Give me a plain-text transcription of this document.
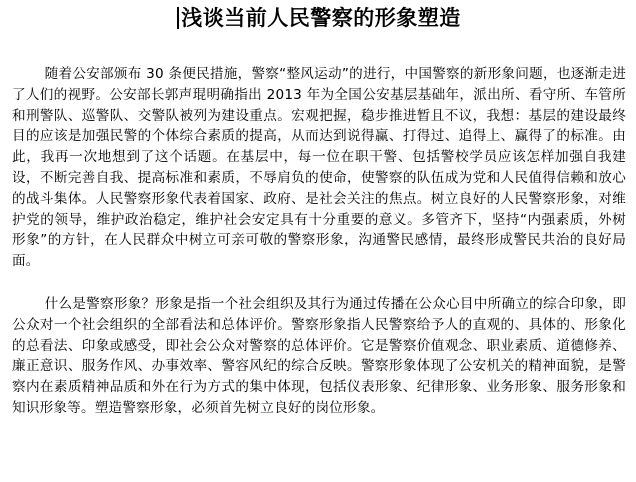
浅谈当前人民警察的形象塑造

随着公安部颁布 30 条便民措施，警察“整风运动”的进行，中国警察的新形象问题，也逐渐走进了人们的视野。公安部长郭声琨明确指出 2013 年为全国公安基层基础年，派出所、看守所、车管所和刑警队、巡警队、交警队被列为建设重点。宏观把握，稳步推进暂且不议，我想：基层的建设最终目的应该是加强民警的个体综合素质的提高，从而达到说得赢、打得过、追得上、赢得了的标准。由此，我再一次地想到了这个话题。在基层中，每一位在职干警、包括警校学员应该怎样加强自我建设，不断完善自我、提高标准和素质，不辱肩负的使命，使警察的队伍成为党和人民值得信赖和放心的战斗集体。人民警察形象代表着国家、政府、是社会关注的焦点。树立良好的人民警察形象，对维护党的领导，维护政治稳定，维护社会安定具有十分重要的意义。多管齐下，坚持“内强素质，外树形象”的方针，在人民群众中树立可亲可敬的警察形象，沟通警民感情，最终形成警民共治的良好局面。

什么是警察形象？形象是指一个社会组织及其行为通过传播在公众心目中所确立的综合印象，即公众对一个社会组织的全部看法和总体评价。警察形象指人民警察给予人的直观的、具体的、形象化的总看法、印象或感受，即社会公众对警察的总体评价。它是警察价值观念、职业素质、道德修养、廉正意识、服务作风、办事效率、警容风纪的综合反映。警察形象体现了公安机关的精神面貌，是警察内在素质精神品质和外在行为方式的集中体现，包括仪表形象、纪律形象、业务形象、服务形象和知识形象等。塑造警察形象，必须首先树立良好的岗位形象。
